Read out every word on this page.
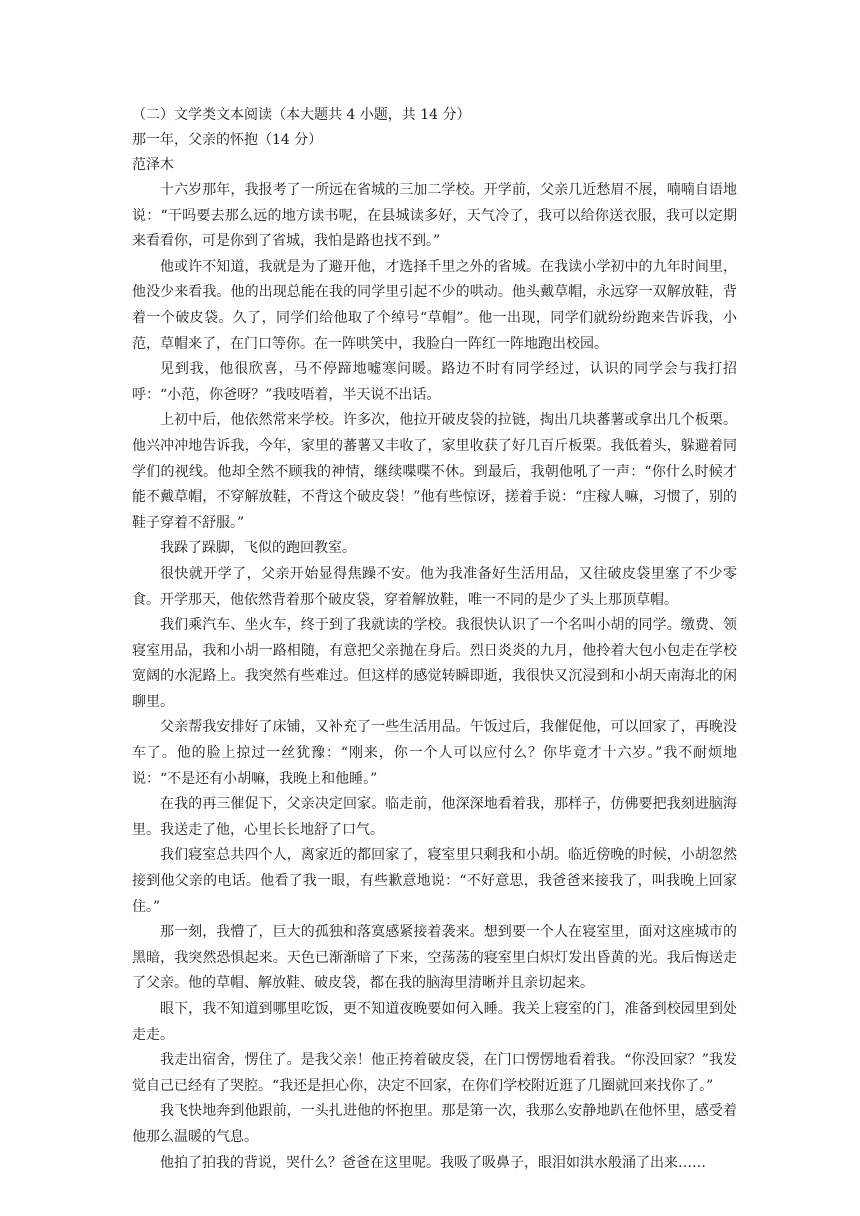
（二）文学类文本阅读（本大题共 4 小题，共 14 分）
那一年，父亲的怀抱（14 分）
范泽木

十六岁那年，我报考了一所远在省城的三加二学校。开学前，父亲几近愁眉不展，喃喃自语地说：“干吗要去那么远的地方读书呢，在县城读多好，天气冷了，我可以给你送衣服，我可以定期来看看你，可是你到了省城，我怕是路也找不到。”

他或许不知道，我就是为了避开他，才选择千里之外的省城。在我读小学初中的九年时间里，他没少来看我。他的出现总能在我的同学里引起不少的哄动。他头戴草帽，永远穿一双解放鞋，背着一个破皮袋。久了，同学们给他取了个绰号“草帽”。他一出现，同学们就纷纷跑来告诉我，小范，草帽来了，在门口等你。在一阵哄笑中，我脸白一阵红一阵地跑出校园。

见到我，他很欣喜，马不停蹄地嘘寒问暖。路边不时有同学经过，认识的同学会与我打招呼：“小范，你爸呀？”我吱唔着，半天说不出话。

上初中后，他依然常来学校。许多次，他拉开破皮袋的拉链，掏出几块蕃薯或拿出几个板栗。他兴冲冲地告诉我，今年，家里的蕃薯又丰收了，家里收获了好几百斤板栗。我低着头，躲避着同学们的视线。他却全然不顾我的神情，继续喋喋不休。到最后，我朝他吼了一声：“你什么时候才能不戴草帽，不穿解放鞋，不背这个破皮袋！”他有些惊讶，搓着手说：“庄稼人嘛，习惯了，别的鞋子穿着不舒服。”

我跺了跺脚，飞似的跑回教室。

很快就开学了，父亲开始显得焦躁不安。他为我准备好生活用品，又往破皮袋里塞了不少零食。开学那天，他依然背着那个破皮袋，穿着解放鞋，唯一不同的是少了头上那顶草帽。

我们乘汽车、坐火车，终于到了我就读的学校。我很快认识了一个名叫小胡的同学。缴费、领寝室用品，我和小胡一路相随，有意把父亲抛在身后。烈日炎炎的九月，他拎着大包小包走在学校宽阔的水泥路上。我突然有些难过。但这样的感觉转瞬即逝，我很快又沉浸到和小胡天南海北的闲聊里。

父亲帮我安排好了床铺，又补充了一些生活用品。午饭过后，我催促他，可以回家了，再晚没车了。他的脸上掠过一丝犹豫：“刚来，你一个人可以应付么？你毕竟才十六岁。”我不耐烦地说：“不是还有小胡嘛，我晚上和他睡。”

在我的再三催促下，父亲决定回家。临走前，他深深地看着我，那样子，仿佛要把我刻进脑海里。我送走了他，心里长长地舒了口气。

我们寝室总共四个人，离家近的都回家了，寝室里只剩我和小胡。临近傍晚的时候，小胡忽然接到他父亲的电话。他看了我一眼，有些歉意地说：“不好意思，我爸爸来接我了，叫我晚上回家住。”

那一刻，我懵了，巨大的孤独和落寞感紧接着袭来。想到要一个人在寝室里，面对这座城市的黑暗，我突然恐惧起来。天色已渐渐暗了下来，空荡荡的寝室里白炽灯发出昏黄的光。我后悔送走了父亲。他的草帽、解放鞋、破皮袋，都在我的脑海里清晰并且亲切起来。

眼下，我不知道到哪里吃饭，更不知道夜晚要如何入睡。我关上寝室的门，准备到校园里到处走走。

我走出宿舍，愣住了。是我父亲！他正挎着破皮袋，在门口愣愣地看着我。“你没回家？”我发觉自己已经有了哭腔。“我还是担心你，决定不回家，在你们学校附近逛了几圈就回来找你了。”

我飞快地奔到他跟前，一头扎进他的怀抱里。那是第一次，我那么安静地趴在他怀里，感受着他那么温暖的气息。

他拍了拍我的背说，哭什么？爸爸在这里呢。我吸了吸鼻子，眼泪如洪水般涌了出来……
